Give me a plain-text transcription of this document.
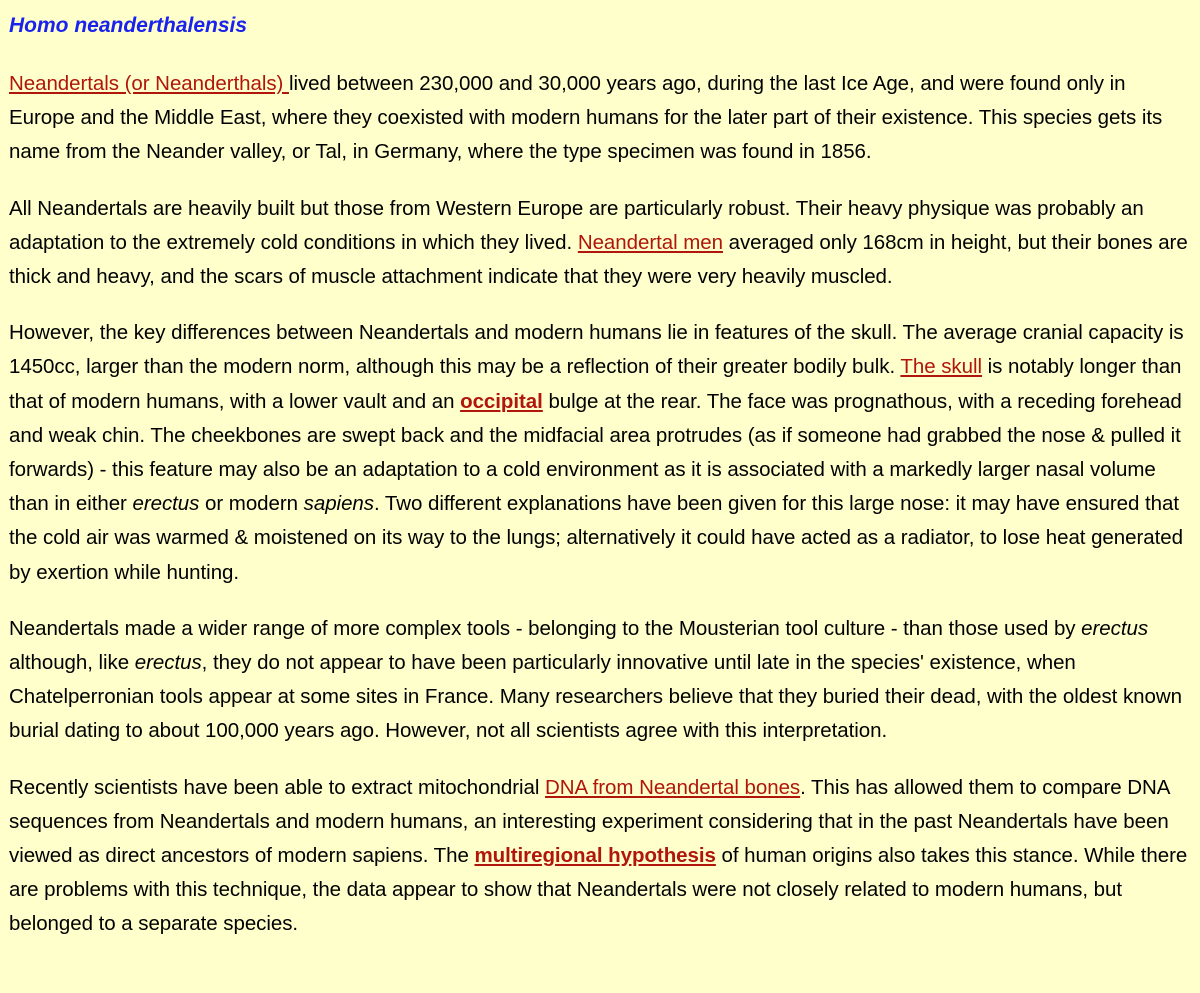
Homo neanderthalensis

Neandertals (or Neanderthals) lived between 230,000 and 30,000 years ago, during the last Ice Age, and were found only in Europe and the Middle East, where they coexisted with modern humans for the later part of their existence. This species gets its name from the Neander valley, or Tal, in Germany, where the type specimen was found in 1856.

All Neandertals are heavily built but those from Western Europe are particularly robust. Their heavy physique was probably an adaptation to the extremely cold conditions in which they lived. Neandertal men averaged only 168cm in height, but their bones are thick and heavy, and the scars of muscle attachment indicate that they were very heavily muscled.

However, the key differences between Neandertals and modern humans lie in features of the skull. The average cranial capacity is 1450cc, larger than the modern norm, although this may be a reflection of their greater bodily bulk. The skull is notably longer than that of modern humans, with a lower vault and an occipital bulge at the rear. The face was prognathous, with a receding forehead and weak chin. The cheekbones are swept back and the midfacial area protrudes (as if someone had grabbed the nose & pulled it forwards) - this feature may also be an adaptation to a cold environment as it is associated with a markedly larger nasal volume than in either erectus or modern sapiens. Two different explanations have been given for this large nose: it may have ensured that the cold air was warmed & moistened on its way to the lungs; alternatively it could have acted as a radiator, to lose heat generated by exertion while hunting.

Neandertals made a wider range of more complex tools - belonging to the Mousterian tool culture - than those used by erectus although, like erectus, they do not appear to have been particularly innovative until late in the species' existence, when Chatelperronian tools appear at some sites in France. Many researchers believe that they buried their dead, with the oldest known burial dating to about 100,000 years ago. However, not all scientists agree with this interpretation.

Recently scientists have been able to extract mitochondrial DNA from Neandertal bones. This has allowed them to compare DNA sequences from Neandertals and modern humans, an interesting experiment considering that in the past Neandertals have been viewed as direct ancestors of modern sapiens. The multiregional hypothesis of human origins also takes this stance. While there are problems with this technique, the data appear to show that Neandertals were not closely related to modern humans, but belonged to a separate species.
